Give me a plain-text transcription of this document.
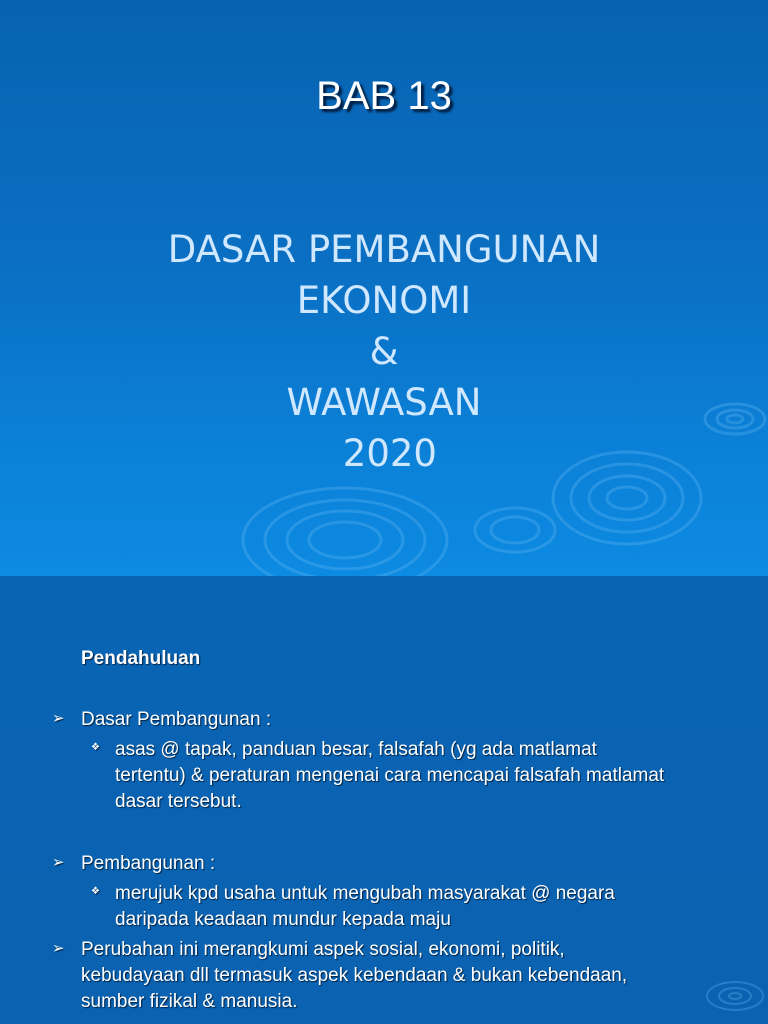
BAB 13
DASAR PEMBANGUNAN
EKONOMI
&
WAWASAN
2020
Pendahuluan
➢ Dasar Pembangunan :
❖ asas @ tapak, panduan besar, falsafah (yg ada matlamat
tertentu) & peraturan mengenai cara mencapai falsafah matlamat
dasar tersebut.
➢ Pembangunan :
❖ merujuk kpd usaha untuk mengubah masyarakat @ negara
daripada keadaan mundur kepada maju
➢ Perubahan ini merangkumi aspek sosial, ekonomi, politik,
kebudayaan dll termasuk aspek kebendaan & bukan kebendaan,
sumber fizikal & manusia.
